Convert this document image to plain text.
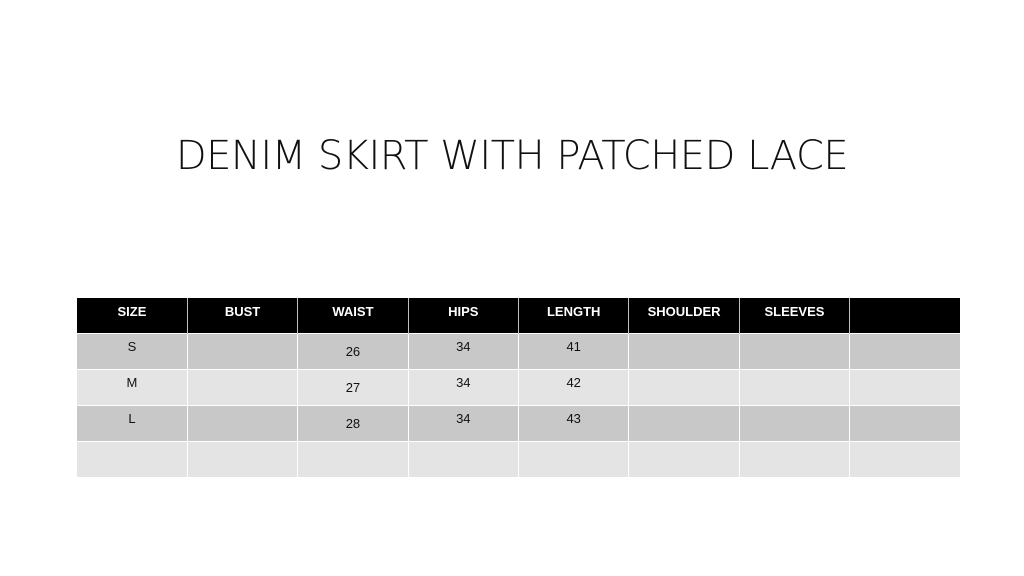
DENIM SKIRT WITH PATCHED LACE
SIZE	BUST	WAIST	HIPS	LENGTH	SHOULDER	SLEEVES	
S		26	34	41			
M		27	34	42			
L		28	34	43			
